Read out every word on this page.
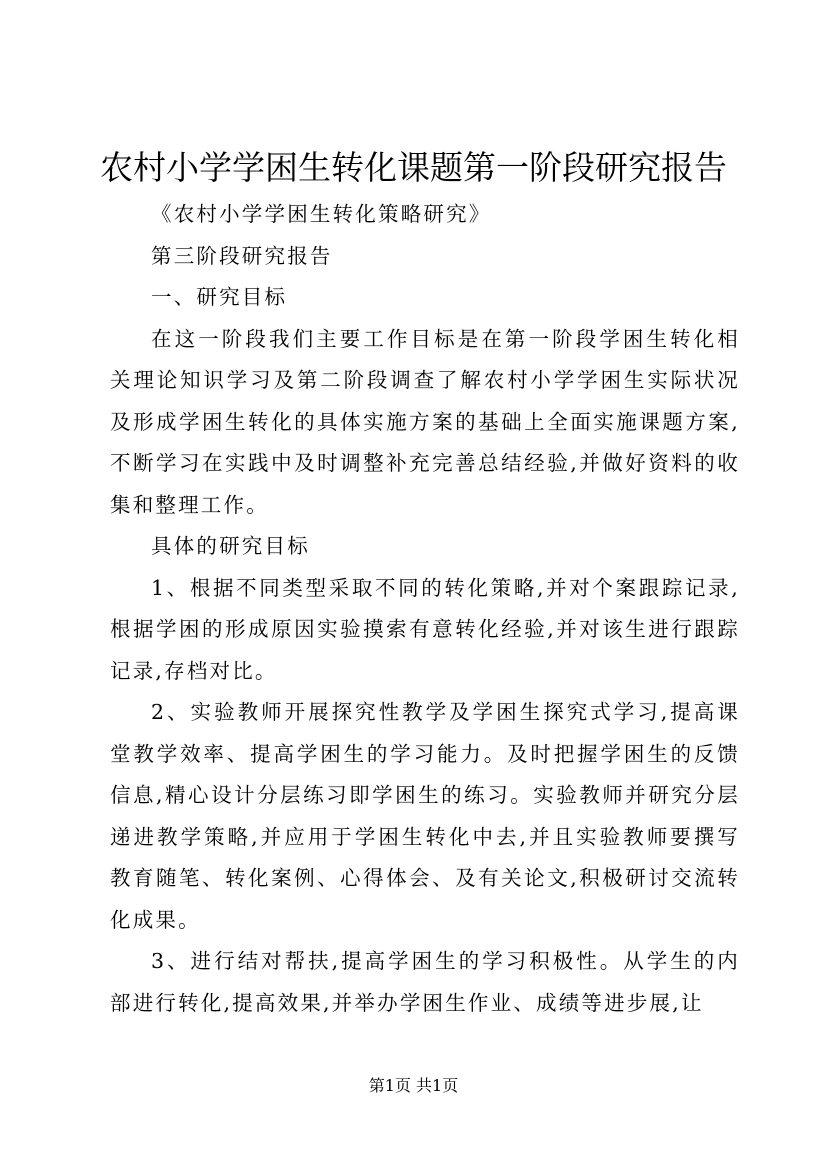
农村小学学困生转化课题第一阶段研究报告

《农村小学学困生转化策略研究》

第三阶段研究报告

一、研究目标

在这一阶段我们主要工作目标是在第一阶段学困生转化相关理论知识学习及第二阶段调查了解农村小学学困生实际状况及形成学困生转化的具体实施方案的基础上全面实施课题方案,不断学习在实践中及时调整补充完善总结经验,并做好资料的收集和整理工作。

具体的研究目标

1、根据不同类型采取不同的转化策略,并对个案跟踪记录,根据学困的形成原因实验摸索有意转化经验,并对该生进行跟踪记录,存档对比。

2、实验教师开展探究性教学及学困生探究式学习,提高课堂教学效率、提高学困生的学习能力。及时把握学困生的反馈信息,精心设计分层练习即学困生的练习。实验教师并研究分层递进教学策略,并应用于学困生转化中去,并且实验教师要撰写教育随笔、转化案例、心得体会、及有关论文,积极研讨交流转化成果。

3、进行结对帮扶,提高学困生的学习积极性。从学生的内部进行转化,提高效果,并举办学困生作业、成绩等进步展,让

第1页 共1页
